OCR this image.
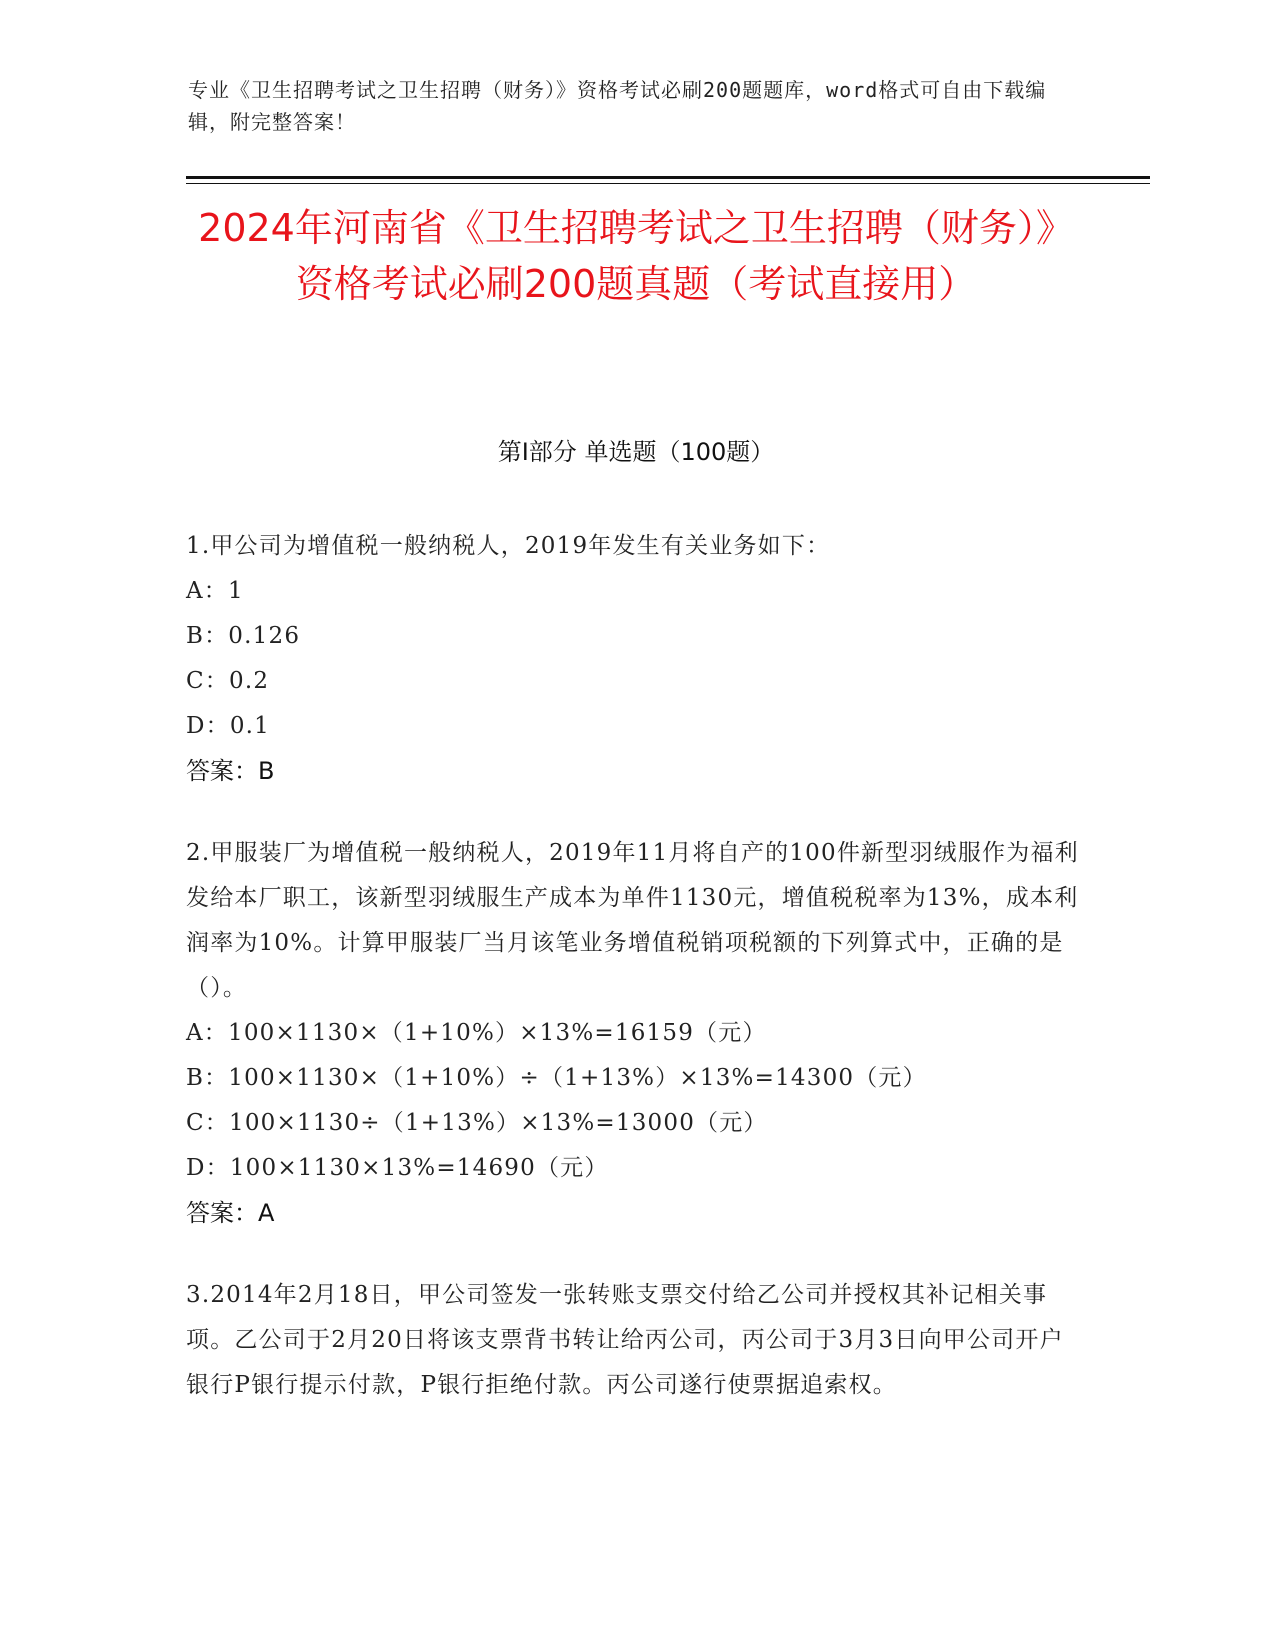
专业《卫生招聘考试之卫生招聘（财务）》资格考试必刷200题题库，word格式可自由下载编辑，附完整答案！
2024年河南省《卫生招聘考试之卫生招聘（财务）》资格考试必刷200题真题（考试直接用）
第I部分 单选题（100题）
1.甲公司为增值税一般纳税人，2019年发生有关业务如下：
A：1
B：0.126
C：0.2
D：0.1
答案：B
2.甲服装厂为增值税一般纳税人，2019年11月将自产的100件新型羽绒服作为福利发给本厂职工，该新型羽绒服生产成本为单件1130元，增值税税率为13%，成本利润率为10%。计算甲服装厂当月该笔业务增值税销项税额的下列算式中，正确的是（）。
A：100×1130×（1+10%）×13%=16159（元）
B：100×1130×（1+10%）÷（1+13%）×13%=14300（元）
C：100×1130÷（1+13%）×13%=13000（元）
D：100×1130×13%=14690（元）
答案：A
3.2014年2月18日，甲公司签发一张转账支票交付给乙公司并授权其补记相关事项。乙公司于2月20日将该支票背书转让给丙公司，丙公司于3月3日向甲公司开户银行P银行提示付款，P银行拒绝付款。丙公司遂行使票据追索权。
